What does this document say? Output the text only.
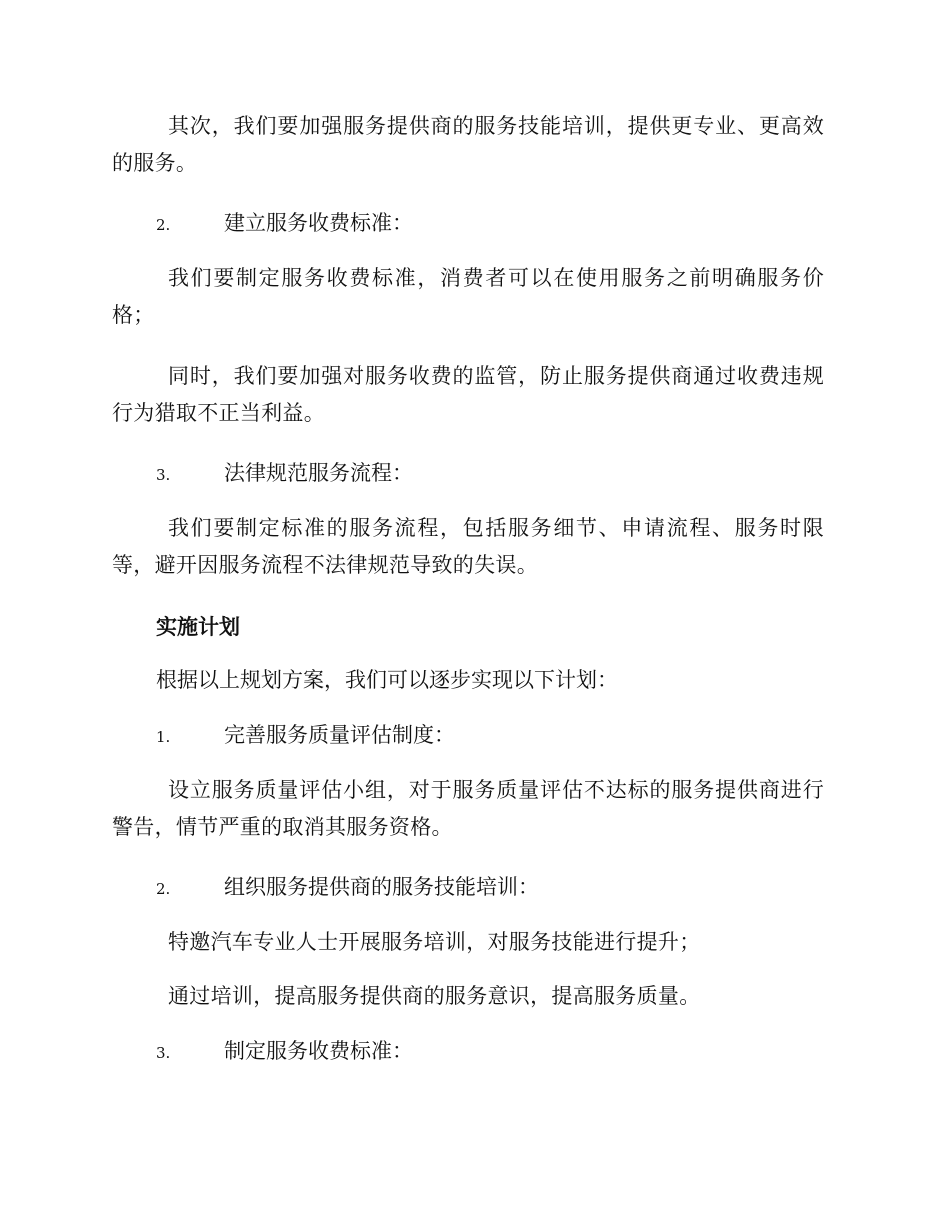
其次，我们要加强服务提供商的服务技能培训，提供更专业、更高效的服务。

2.	建立服务收费标准：

我们要制定服务收费标准，消费者可以在使用服务之前明确服务价格；

同时，我们要加强对服务收费的监管，防止服务提供商通过收费违规行为猎取不正当利益。

3.	法律规范服务流程：

我们要制定标准的服务流程，包括服务细节、申请流程、服务时限等，避开因服务流程不法律规范导致的失误。

实施计划

根据以上规划方案，我们可以逐步实现以下计划：

1.	完善服务质量评估制度：

设立服务质量评估小组，对于服务质量评估不达标的服务提供商进行警告，情节严重的取消其服务资格。

2.	组织服务提供商的服务技能培训：

特邀汽车专业人士开展服务培训，对服务技能进行提升；

通过培训，提高服务提供商的服务意识，提高服务质量。

3.	制定服务收费标准：
